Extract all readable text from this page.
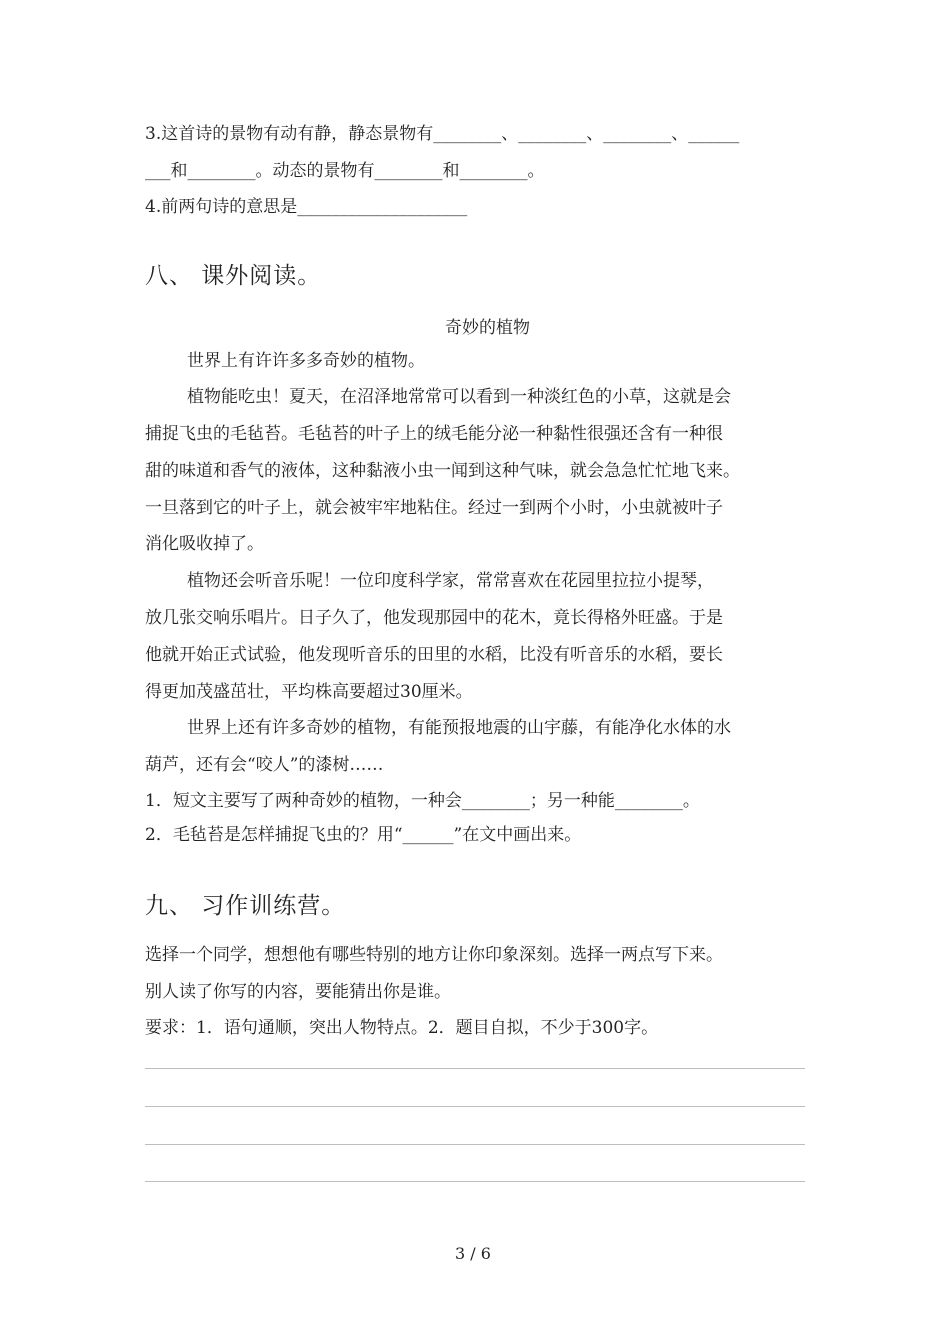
3.这首诗的景物有动有静，静态景物有________、________、________、______
___和________。动态的景物有________和________。
4.前两句诗的意思是____________________
八、 课外阅读。
奇妙的植物
世界上有许许多多奇妙的植物。
植物能吃虫！夏天，在沼泽地常常可以看到一种淡红色的小草，这就是会
捕捉飞虫的毛毡苔。毛毡苔的叶子上的绒毛能分泌一种黏性很强还含有一种很
甜的味道和香气的液体，这种黏液小虫一闻到这种气味，就会急急忙忙地飞来。
一旦落到它的叶子上，就会被牢牢地粘住。经过一到两个小时，小虫就被叶子
消化吸收掉了。
植物还会听音乐呢！一位印度科学家，常常喜欢在花园里拉拉小提琴，
放几张交响乐唱片。日子久了，他发现那园中的花木，竟长得格外旺盛。于是
他就开始正式试验，他发现听音乐的田里的水稻，比没有听音乐的水稻，要长
得更加茂盛茁壮，平均株高要超过30厘米。
世界上还有许多奇妙的植物，有能预报地震的山宇藤，有能净化水体的水
葫芦，还有会“咬人”的漆树……
1．短文主要写了两种奇妙的植物，一种会________；另一种能________。
2．毛毡苔是怎样捕捉飞虫的？用“______”在文中画出来。
九、 习作训练营。
选择一个同学，想想他有哪些特别的地方让你印象深刻。选择一两点写下来。
别人读了你写的内容，要能猜出你是谁。
要求：1．语句通顺，突出人物特点。2．题目自拟，不少于300字。
3 / 6
